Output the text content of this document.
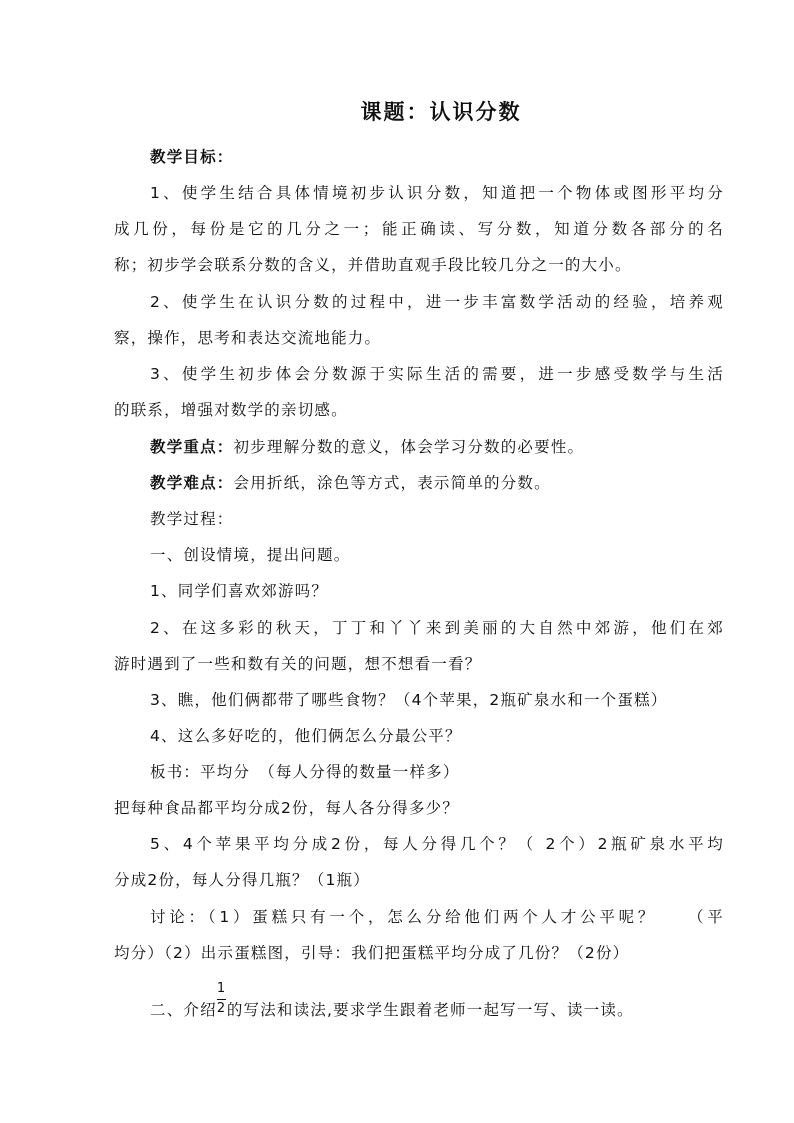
课题：认识分数
教学目标：
1、使学生结合具体情境初步认识分数，知道把一个物体或图形平均分
成几份，每份是它的几分之一；能正确读、写分数，知道分数各部分的名
称；初步学会联系分数的含义，并借助直观手段比较几分之一的大小。
2、使学生在认识分数的过程中，进一步丰富数学活动的经验，培养观
察，操作，思考和表达交流地能力。
3、使学生初步体会分数源于实际生活的需要，进一步感受数学与生活
的联系，增强对数学的亲切感。
教学重点：初步理解分数的意义，体会学习分数的必要性。
教学难点：会用折纸，涂色等方式，表示简单的分数。
教学过程：
一、创设情境，提出问题。
1、同学们喜欢郊游吗？
2、在这多彩的秋天，丁丁和丫丫来到美丽的大自然中郊游，他们在郊
游时遇到了一些和数有关的问题，想不想看一看？
3、瞧，他们俩都带了哪些食物？（4个苹果，2瓶矿泉水和一个蛋糕）
4、这么多好吃的，他们俩怎么分最公平？
板书：平均分　（每人分得的数量一样多）
把每种食品都平均分成2份，每人各分得多少？
5、4个苹果平均分成2份，每人分得几个？（ 2个）2瓶矿泉水平均
分成2份，每人分得几瓶？（1瓶）
讨论：（1）蛋糕只有一个，怎么分给他们两个人才公平呢？　　（平
均分）（2）出示蛋糕图，引导：我们把蛋糕平均分成了几份？（2份）
二、介绍 $\frac{1}{2}$ 的写法和读法,要求学生跟着老师一起写一写、读一读。
